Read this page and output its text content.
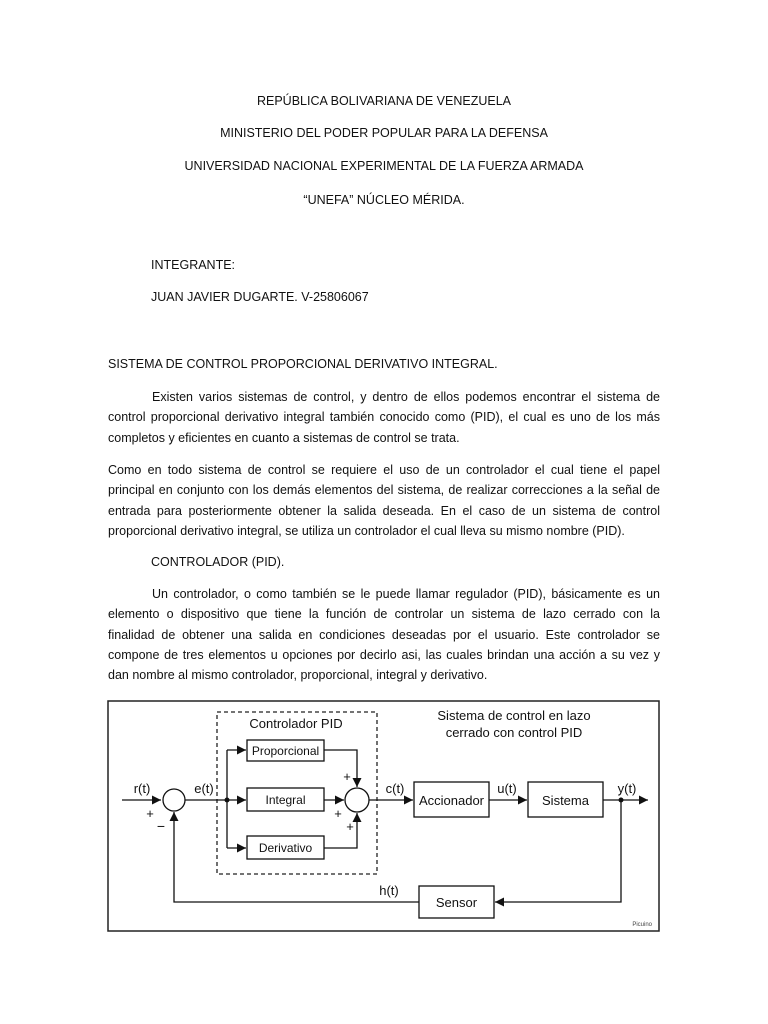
REPÚBLICA BOLIVARIANA DE VENEZUELA
MINISTERIO DEL PODER POPULAR PARA LA DEFENSA
UNIVERSIDAD NACIONAL EXPERIMENTAL DE LA FUERZA ARMADA
“UNEFA” NÚCLEO MÉRIDA.
INTEGRANTE:
JUAN JAVIER DUGARTE. V-25806067
SISTEMA DE CONTROL PROPORCIONAL DERIVATIVO INTEGRAL.
Existen varios sistemas de control, y dentro de ellos podemos encontrar el sistema de
control proporcional derivativo integral también conocido como (PID), el cual es uno de los más
completos y eficientes en cuanto a sistemas de control se trata.
Como en todo sistema de control se requiere el uso de un controlador el cual tiene el papel
principal en conjunto con los demás elementos del sistema, de realizar correcciones a la señal de
entrada para posteriormente obtener la salida deseada. En el caso de un sistema de control
proporcional derivativo integral, se utiliza un controlador el cual lleva su mismo nombre (PID).
CONTROLADOR (PID).
Un controlador, o como también se le puede llamar regulador (PID), básicamente es un
elemento o dispositivo que tiene la función de controlar un sistema de lazo cerrado con la
finalidad de obtener una salida en condiciones deseadas por el usuario. Este controlador se
compone de tres elementos u opciones por decirlo asi, las cuales brindan una acción a su vez y
dan nombre al mismo controlador, proporcional, integral y derivativo.
Controlador PID
Sistema de control en lazo
cerrado con control PID
r(t)
+
−
e(t)
Proporcional
Integral
Derivativo
+
+
+
c(t)
Accionador
u(t)
Sistema
y(t)
Sensor
h(t)
Picuino
